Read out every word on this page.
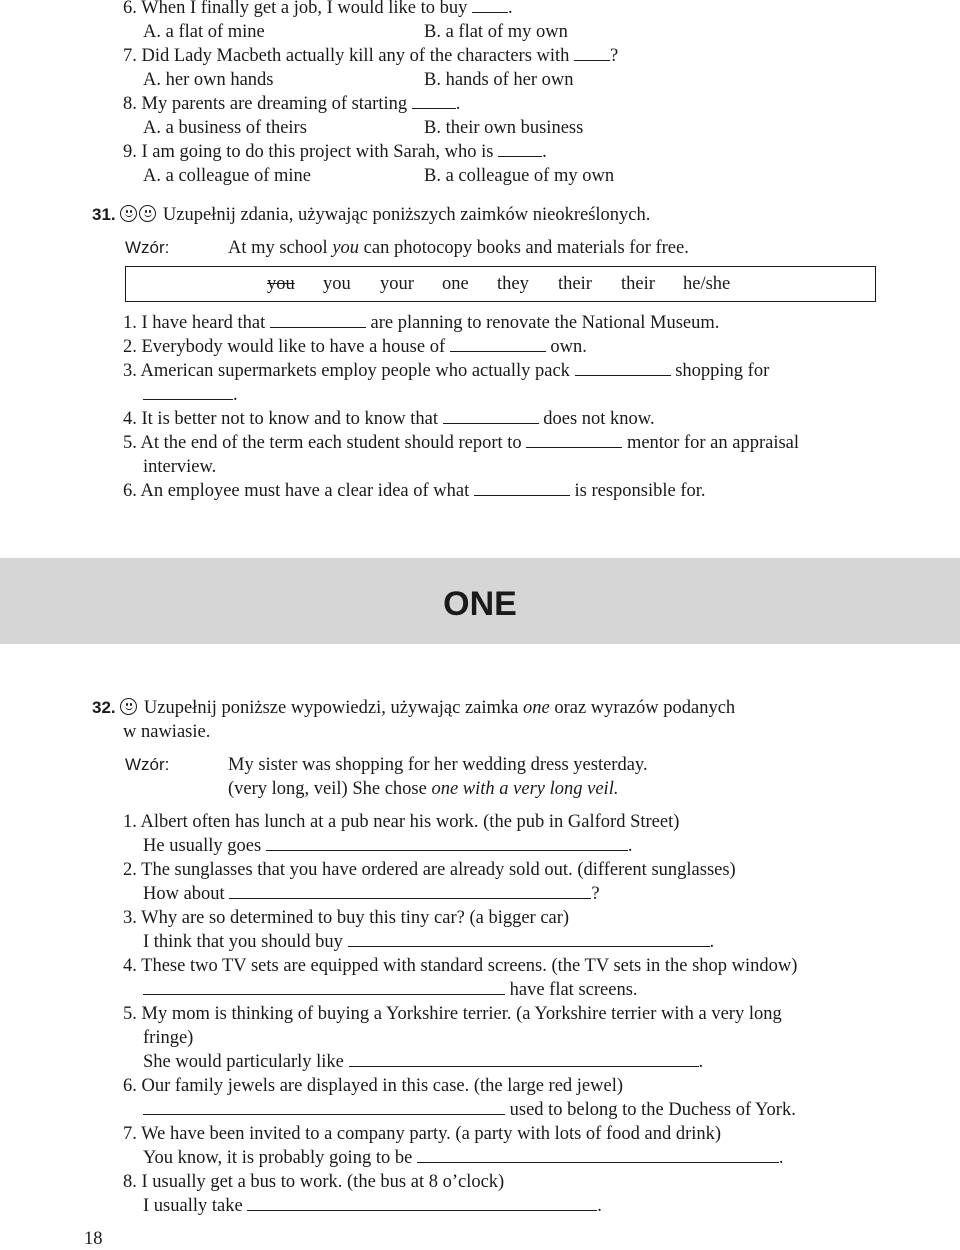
6. When I finally get a job, I would like to buy .
A. a flat of mine	B. a flat of my own
7. Did Lady Macbeth actually kill any of the characters with ?
A. her own hands	B. hands of her own
8. My parents are dreaming of starting	.
A. a business of theirs	B. their own business
9. I am going to do this project with Sarah, who is	.
A. a colleague of mine	B. a colleague of my own
31.	Uzupełnij zdania, używając poniższych zaimków nieokreślonych.
Wzór:	At my school you can photocopy books and materials for free.
you you your one they their their he/she
1. I have heard that	are planning to renovate the National Museum.
2. Everybody would like to have a house of	own.
3. American supermarkets employ people who actually pack	shopping for
.
4. It is better not to know and to know that	does not know.
5. At the end of the term each student should report to	mentor for an appraisal
interview.
6. An employee must have a clear idea of what	is responsible for.
ONE
32. Uzupełnij poniższe wypowiedzi, używając zaimka one oraz wyrazów podanych
w nawiasie.
Wzór:	My sister was shopping for her wedding dress yesterday.
(very long, veil) She chose one with a very long veil.
1. Albert often has lunch at a pub near his work. (the pub in Galford Street)
He usually goes	.
2. The sunglasses that you have ordered are already sold out. (different sunglasses)
How about	?
3. Why are so determined to buy this tiny car? (a bigger car)
I think that you should buy	.
4. These two TV sets are equipped with standard screens. (the TV sets in the shop window)
have flat screens.
5. My mom is thinking of buying a Yorkshire terrier. (a Yorkshire terrier with a very long
fringe)
She would particularly like	.
6. Our family jewels are displayed in this case. (the large red jewel)
used to belong to the Duchess of York.
7. We have been invited to a company party. (a party with lots of food and drink)
You know, it is probably going to be	.
8. I usually get a bus to work. (the bus at 8 o’clock)
I usually take	.
18
